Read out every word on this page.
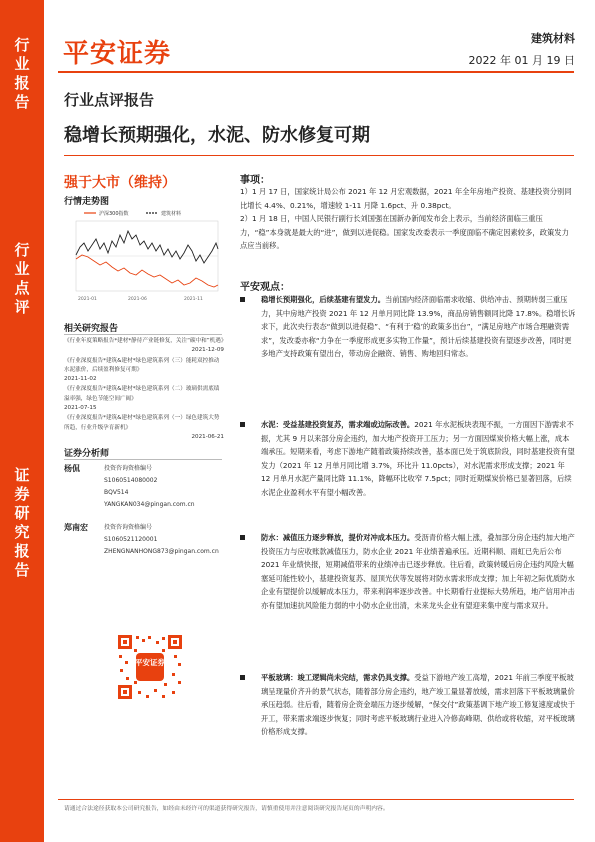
行
业
报
告
行
业
点
评
证
券
研
究
报
告
平安证券
建筑材料
2022 年 01 月 19 日
行业点评报告
稳增长预期强化，水泥、防水修复可期
强于大市（维持）
行情走势图
沪深300指数	建筑材料
2021-01	2021-06	2021-11
相关研究报告
《行业年度策略报告*建材*静待产业链修复，关注“碳中和”机遇》
2021-12-09
《行业深度报告*建筑&建材*绿色建筑系列（三）能耗双控推动水泥涨价，后续盈利修复可期》
2021-11-02
《行业深度报告*建筑&建材*绿色建筑系列（二）玻璃供需底绩溢率强，绿色节能空间广阔》
2021-07-15
《行业深度报告*建筑&建材*绿色建筑系列（一）绿色建筑大势所趋，行业升级孕育新机》
2021-06-21
证券分析师
杨侃	投资咨询资格编号
S1060514080002
BQV514
YANGKAN034@pingan.com.cn
郑南宏	投资咨询资格编号
S1060521120001
ZHENGNANHONG873@pingan.com.cn
平安证券
事项：
1）1 月 17 日，国家统计局公布 2021 年 12 月宏观数据，2021 年全年房地产投资、基建投资分别同比增长 4.4%、0.21%，增速较 1-11 月降 1.6pct、升 0.38pct。
2）1 月 18 日，中国人民银行副行长刘国强在国新办新闻发布会上表示，当前经济面临三重压力，“稳”本身就是最大的“进”，做到以进促稳。国家发改委表示一季度面临不确定因素较多，政策发力点应当前移。
平安观点：
稳增长预期强化，后续基建有望发力。当前国内经济面临需求收缩、供给冲击、预期转弱三重压力，其中房地产投资 2021 年 12 月单月同比降 13.9%，商品房销售额同比降 17.8%。稳增长诉求下，此次央行表态“做到以进促稳”、“有利于‘稳’的政策多出台”，“满足房地产市场合理融资需求”，发改委亦称“力争在一季度形成更多实物工作量”，预计后续基建投资有望逐步改善，同时更多地产支持政策有望出台，带动房企融资、销售、购地回归常态。
水泥：受益基建投资复苏，需求端或边际改善。2021 年水泥板块表现不振，一方面因下游需求不振，尤其 9 月以来部分房企违约，加大地产投资开工压力；另一方面因煤炭价格大幅上涨，成本端承压。短期来看，考虑下游地产随着政策持续改善，基本面已处于筑底阶段，同时基建投资有望发力（2021 年 12 月单月同比增 3.7%，环比升 11.0pcts），对水泥需求形成支撑；2021 年 12 月单月水泥产量同比降 11.1%，降幅环比收窄 7.5pct；同时近期煤炭价格已显著回落，后续水泥企业盈利水平有望小幅改善。
防水：减值压力逐步释放，提价对冲成本压力。受沥青价格大幅上涨，叠加部分房企违约加大地产投资压力与应收账款减值压力，防水企业 2021 年业绩普遍承压。近期科顺、雨虹已先后公布 2021 年业绩快报，短期减值带来的业绩冲击已逐步释放。往后看，政策转暖后房企违约风险大幅塞延可能性较小，基建投资复苏、屋顶光伏等发展将对防水需求形成支撑；加上年初之际优质防水企业有望提价以缓解成本压力，带来利润率逐步改善。中长期看行业提标大势所趋，地产信用冲击亦有望加速抗风险能力弱的中小防水企业出清，未来龙头企业有望迎来集中度与需求双升。
平板玻璃：竣工逻辑尚未完结，需求仍具支撑。受益下游地产竣工高增，2021 年前三季度平板玻璃呈现量价齐升的景气状态，随着部分房企违约，地产竣工量显著放缓，需求回落下平板玻璃量价承压趋弱。往后看，随着房企资金端压力逐步缓解，“保交付”政策基调下地产竣工修复速度或快于开工，带来需求端逐步恢复；同时考虑平板玻璃行业进入冷修高峰期、供给或将收缩，对平板玻璃价格形成支撑。
请通过合法途径获取本公司研究报告，如经由未经许可的渠道获得研究报告，请慎重使用并注意阅读研究报告尾页的声明内容。
